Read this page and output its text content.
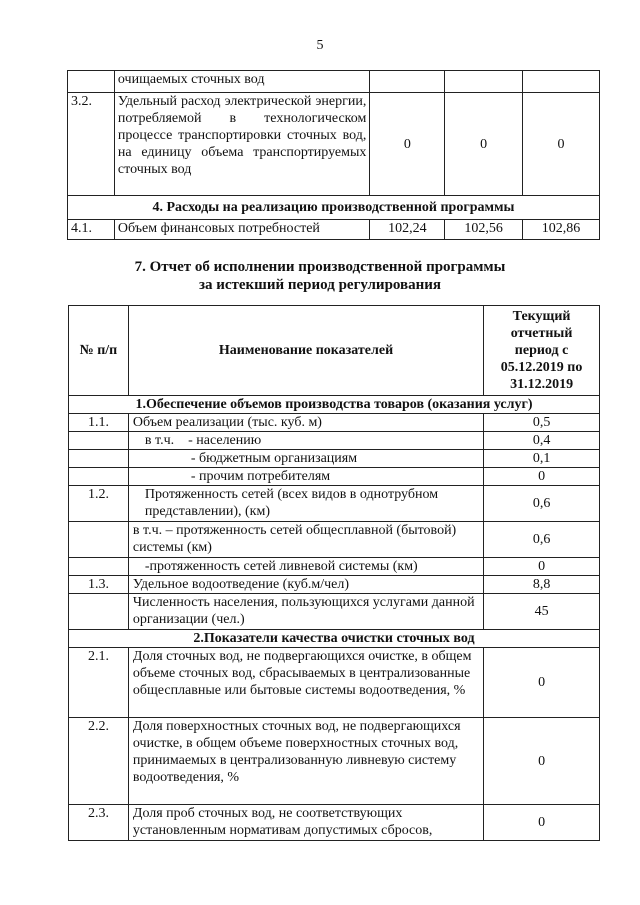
5
	очищаемых сточных вод			
3.2.	Удельный расход электрической энергии, потребляемой в технологическом процессе транспортировки сточных вод, на единицу объема транспортируемых сточных вод	0	0	0
4. Расходы на реализацию производственной программы				
4.1.	Объем финансовых потребностей	102,24	102,56	102,86
7. Отчет об исполнении производственной программы
за истекший период регулирования
№ п/п	Наименование показателей	Текущий отчетный период с 05.12.2019 по 31.12.2019
1.Обеспечение объемов производства товаров (оказания услуг)		
1.1.	Объем реализации (тыс. куб. м)	0,5
	в т.ч.    - населению	0,4
	- бюджетным организациям	0,1
	- прочим потребителям	0
1.2.	Протяженность сетей (всех видов в однотрубном представлении), (км)	0,6
	в т.ч. – протяженность сетей общесплавной (бытовой) системы (км)	0,6
	-протяженность сетей ливневой системы (км)	0
1.3.	Удельное водоотведение (куб.м/чел)	8,8
	Численность населения, пользующихся услугами данной организации (чел.)	45
2.Показатели качества очистки сточных вод		
2.1.	Доля сточных вод, не подвергающихся очистке, в общем объеме сточных вод, сбрасываемых в централизованные общесплавные или бытовые системы водоотведения, %	0
2.2.	Доля поверхностных сточных вод, не подвергающихся очистке, в общем объеме поверхностных сточных вод, принимаемых в централизованную ливневую систему водоотведения, %	0
2.3.	Доля проб сточных вод, не соответствующих установленным нормативам допустимых сбросов,	0
